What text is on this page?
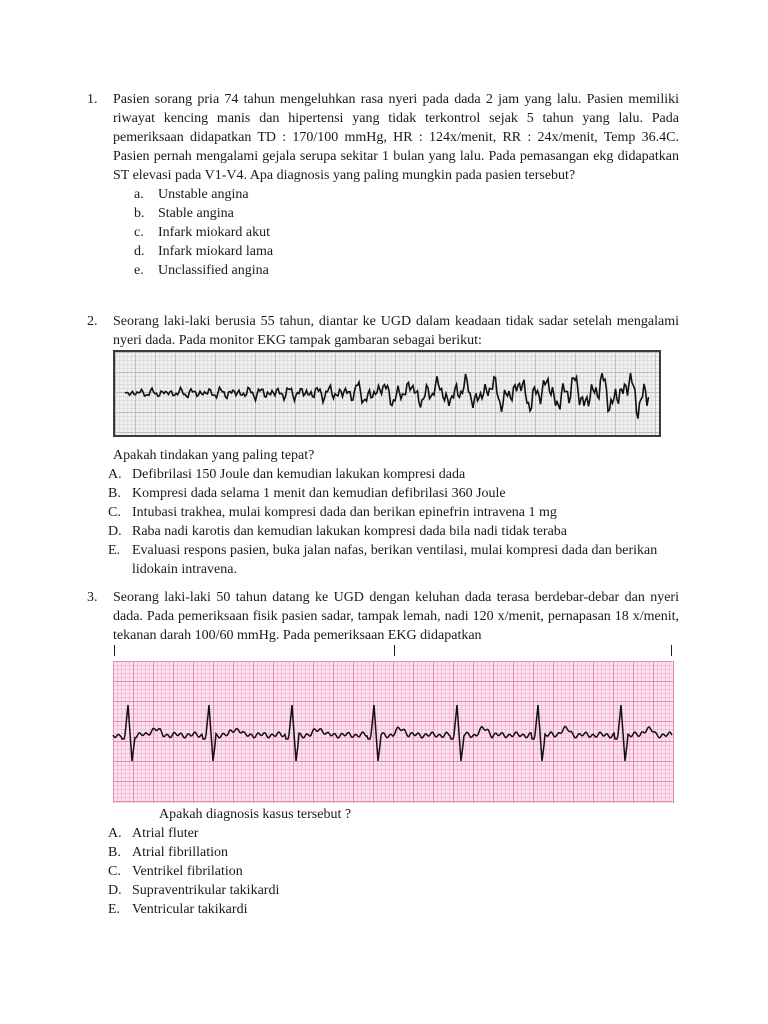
1. Pasien sorang pria 74 tahun mengeluhkan rasa nyeri pada dada 2 jam yang lalu. Pasien memiliki riwayat kencing manis dan hipertensi yang tidak terkontrol sejak 5 tahun yang lalu. Pada pemeriksaan didapatkan TD : 170/100 mmHg, HR : 124x/menit, RR : 24x/menit, Temp 36.4C. Pasien pernah mengalami gejala serupa sekitar 1 bulan yang lalu. Pada pemasangan ekg didapatkan ST elevasi pada V1-V4. Apa diagnosis yang paling mungkin pada pasien tersebut?
a. Unstable angina
b. Stable angina
c. Infark miokard akut
d. Infark miokard lama
e. Unclassified angina
2. Seorang laki-laki berusia 55 tahun, diantar ke UGD dalam keadaan tidak sadar setelah mengalami nyeri dada. Pada monitor EKG tampak gambaran sebagai berikut:
Apakah tindakan yang paling tepat?
A. Defibrilasi 150 Joule dan kemudian lakukan kompresi dada
B. Kompresi dada selama 1 menit dan kemudian defibrilasi 360 Joule
C. Intubasi trakhea, mulai kompresi dada dan berikan epinefrin intravena 1 mg
D. Raba nadi karotis dan kemudian lakukan kompresi dada bila nadi tidak teraba
E. Evaluasi respons pasien, buka jalan nafas, berikan ventilasi, mulai kompresi dada dan berikan lidokain intravena.
3. Seorang laki-laki 50 tahun datang ke UGD dengan keluhan dada terasa berdebar-debar dan nyeri dada. Pada pemeriksaan fisik pasien sadar, tampak lemah, nadi 120 x/menit, pernapasan 18 x/menit, tekanan darah 100/60 mmHg. Pada pemeriksaan EKG didapatkan
Apakah diagnosis kasus tersebut ?
A. Atrial fluter
B. Atrial fibrillation
C. Ventrikel fibrilation
D. Supraventrikular takikardi
E. Ventricular takikardi
